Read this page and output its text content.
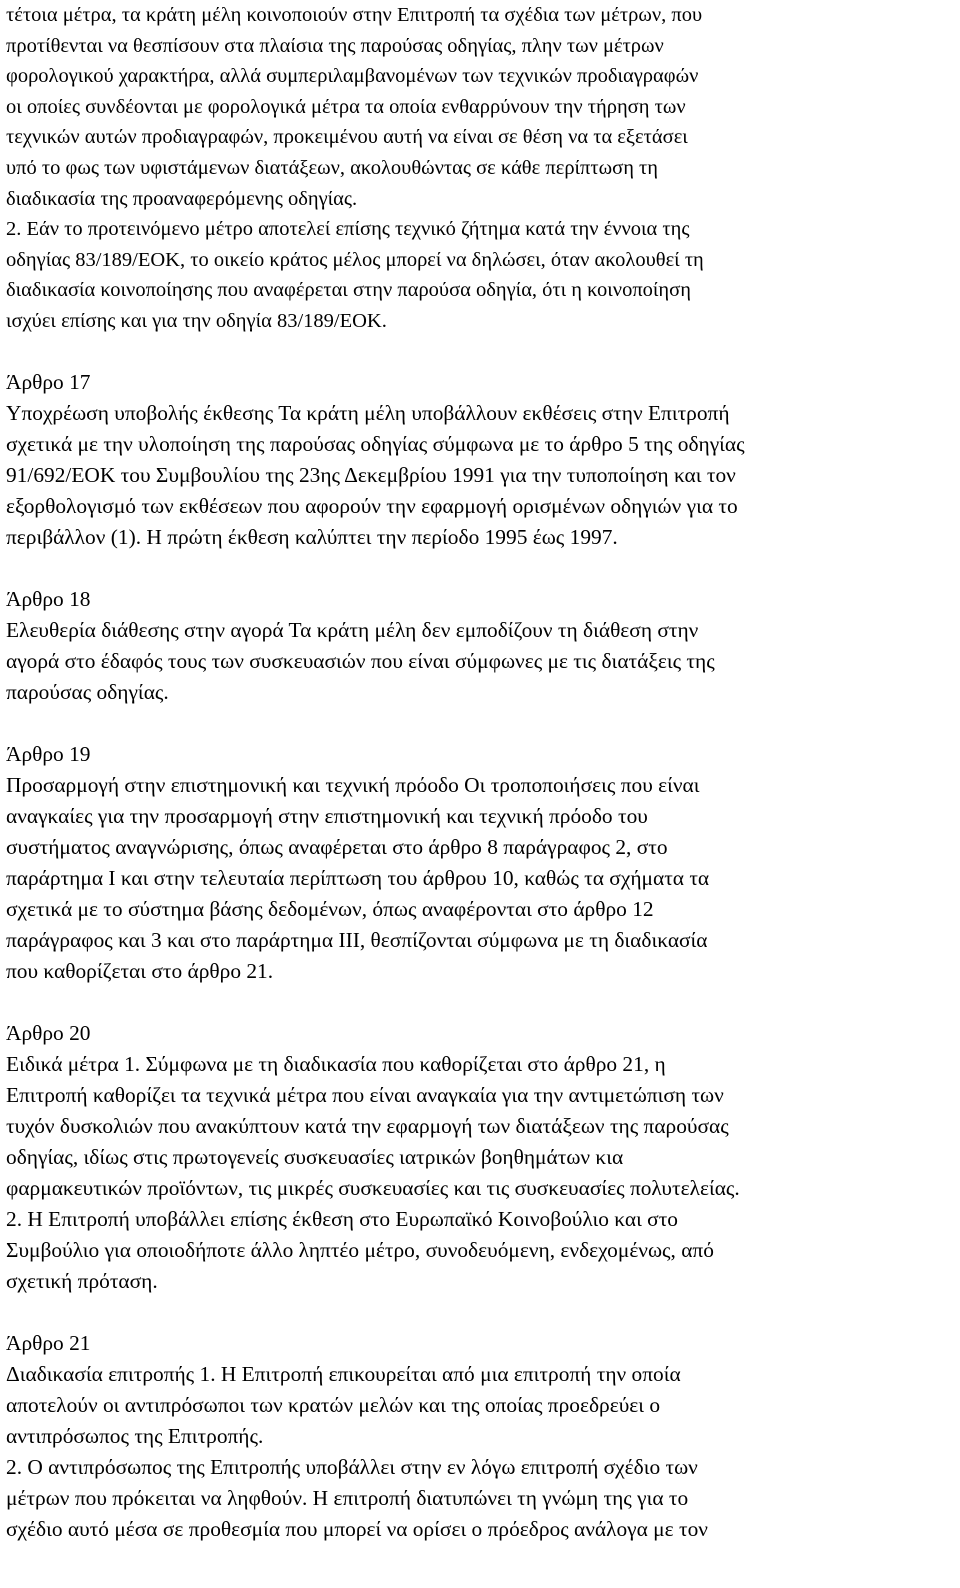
τέτοια μέτρα, τα κράτη μέλη κοινοποιούν στην Επιτροπή τα σχέδια των μέτρων, που
προτίθενται να θεσπίσουν στα πλαίσια της παρούσας οδηγίας, πλην των μέτρων
φορολογικού χαρακτήρα, αλλά συμπεριλαμβανομένων των τεχνικών προδιαγραφών
οι οποίες συνδέονται με φορολογικά μέτρα τα οποία ενθαρρύνουν την τήρηση των
τεχνικών αυτών προδιαγραφών, προκειμένου αυτή να είναι σε θέση να τα εξετάσει
υπό το φως των υφιστάμενων διατάξεων, ακολουθώντας σε κάθε περίπτωση τη
διαδικασία της προαναφερόμενης οδηγίας.
2. Εάν το προτεινόμενο μέτρο αποτελεί επίσης τεχνικό ζήτημα κατά την έννοια της
οδηγίας 83/189/ΕΟΚ, το οικείο κράτος μέλος μπορεί να δηλώσει, όταν ακολουθεί τη
διαδικασία κοινοποίησης που αναφέρεται στην παρούσα οδηγία, ότι η κοινοποίηση
ισχύει επίσης και για την οδηγία 83/189/ΕΟΚ.
Άρθρο 17
Υποχρέωση υποβολής έκθεσης Τα κράτη μέλη υποβάλλουν εκθέσεις στην Επιτροπή
σχετικά με την υλοποίηση της παρούσας οδηγίας σύμφωνα με το άρθρο 5 της οδηγίας
91/692/ΕΟΚ του Συμβουλίου της 23ης Δεκεμβρίου 1991 για την τυποποίηση και τον
εξορθολογισμό των εκθέσεων που αφορούν την εφαρμογή ορισμένων οδηγιών για το
περιβάλλον (1). Η πρώτη έκθεση καλύπτει την περίοδο 1995 έως 1997.
Άρθρο 18
Ελευθερία διάθεσης στην αγορά Τα κράτη μέλη δεν εμποδίζουν τη διάθεση στην
αγορά στο έδαφός τους των συσκευασιών που είναι σύμφωνες με τις διατάξεις της
παρούσας οδηγίας.
Άρθρο 19
Προσαρμογή στην επιστημονική και τεχνική πρόοδο Οι τροποποιήσεις που είναι
αναγκαίες για την προσαρμογή στην επιστημονική και τεχνική πρόοδο του
συστήματος αναγνώρισης, όπως αναφέρεται στο άρθρο 8 παράγραφος 2, στο
παράρτημα Ι και στην τελευταία περίπτωση του άρθρου 10, καθώς τα σχήματα τα
σχετικά με το σύστημα βάσης δεδομένων, όπως αναφέρονται στο άρθρο 12
παράγραφος και 3 και στο παράρτημα ΙΙΙ, θεσπίζονται σύμφωνα με τη διαδικασία
που καθορίζεται στο άρθρο 21.
Άρθρο 20
Ειδικά μέτρα 1. Σύμφωνα με τη διαδικασία που καθορίζεται στο άρθρο 21, η
Επιτροπή καθορίζει τα τεχνικά μέτρα που είναι αναγκαία για την αντιμετώπιση των
τυχόν δυσκολιών που ανακύπτουν κατά την εφαρμογή των διατάξεων της παρούσας
οδηγίας, ιδίως στις πρωτογενείς συσκευασίες ιατρικών βοηθημάτων κια
φαρμακευτικών προϊόντων, τις μικρές συσκευασίες και τις συσκευασίες πολυτελείας.
2. Η Επιτροπή υποβάλλει επίσης έκθεση στο Ευρωπαϊκό Κοινοβούλιο και στο
Συμβούλιο για οποιοδήποτε άλλο ληπτέο μέτρο, συνοδευόμενη, ενδεχομένως, από
σχετική πρόταση.
Άρθρο 21
Διαδικασία επιτροπής 1. Η Επιτροπή επικουρείται από μια επιτροπή την οποία
αποτελούν οι αντιπρόσωποι των κρατών μελών και της οποίας προεδρεύει ο
αντιπρόσωπος της Επιτροπής.
2. Ο αντιπρόσωπος της Επιτροπής υποβάλλει στην εν λόγω επιτροπή σχέδιο των
μέτρων που πρόκειται να ληφθούν. Η επιτροπή διατυπώνει τη γνώμη της για το
σχέδιο αυτό μέσα σε προθεσμία που μπορεί να ορίσει ο πρόεδρος ανάλογα με τον
